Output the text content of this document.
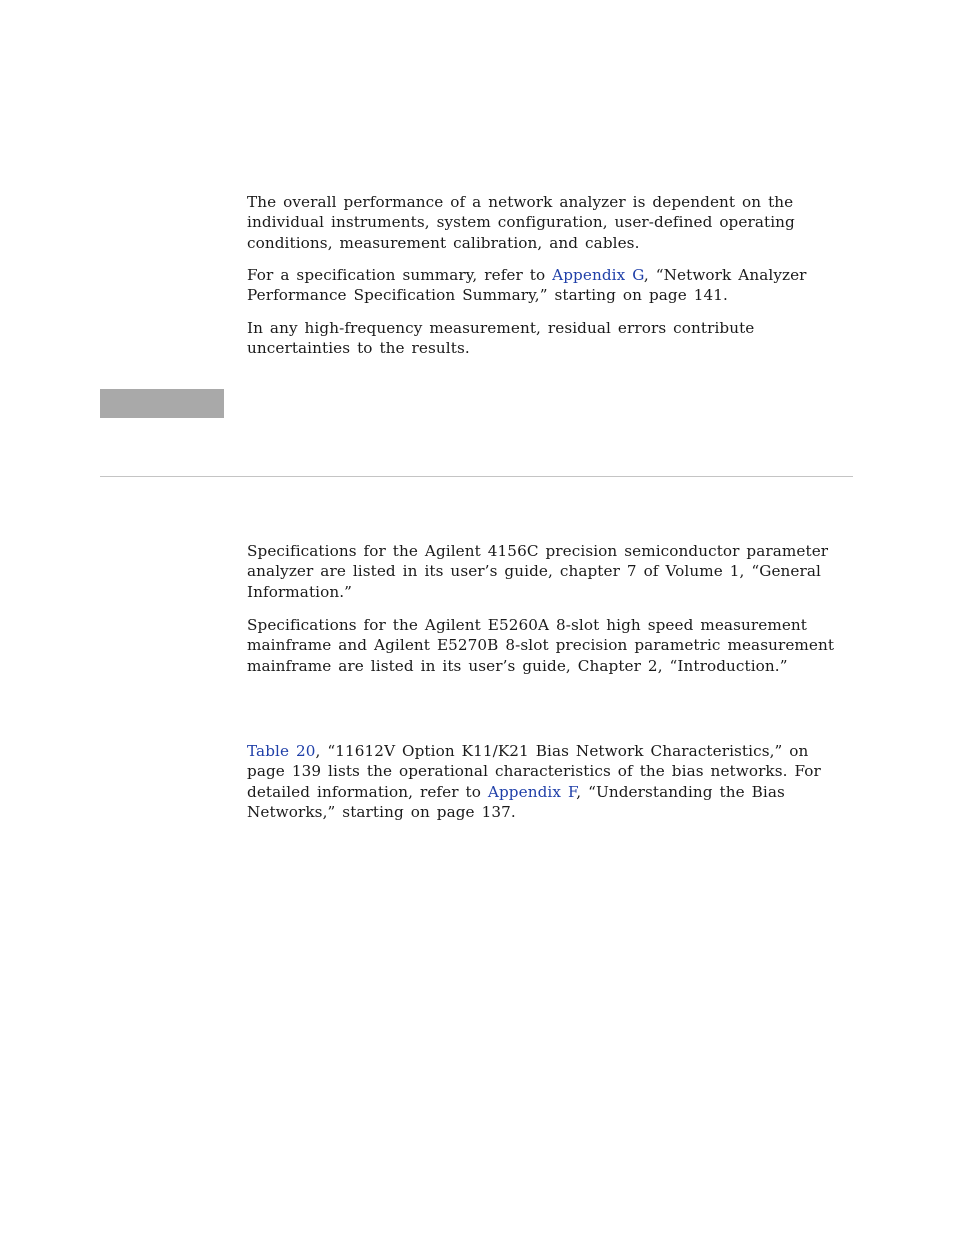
The overall performance of a network analyzer is dependent on the individual instruments, system configuration, user-defined operating conditions, measurement calibration, and cables.

For a specification summary, refer to Appendix G, “Network Analyzer Performance Specification Summary,” starting on page 141.

In any high-frequency measurement, residual errors contribute uncertainties to the results.

Specifications for the Agilent 4156C precision semiconductor parameter analyzer are listed in its user’s guide, chapter 7 of Volume 1, “General Information.”

Specifications for the Agilent E5260A 8-slot high speed measurement mainframe and Agilent E5270B 8-slot precision parametric measurement mainframe are listed in its user’s guide, Chapter 2, “Introduction.”

Table 20, “11612V Option K11/K21 Bias Network Characteristics,” on page 139 lists the operational characteristics of the bias networks. For detailed information, refer to Appendix F, “Understanding the Bias Networks,” starting on page 137.
